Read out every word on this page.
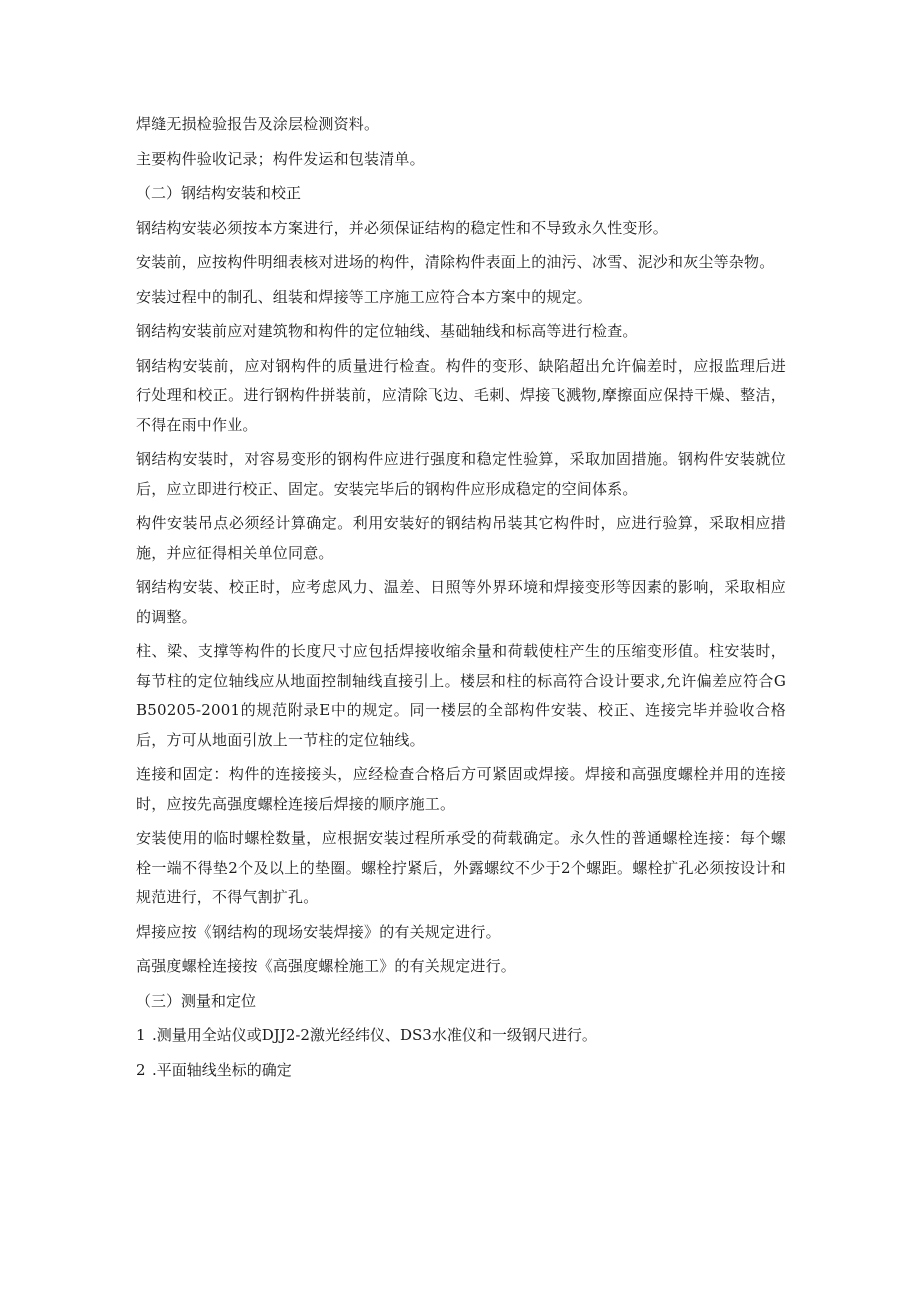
焊缝无损检验报告及涂层检测资料。

主要构件验收记录；构件发运和包装清单。

（二）钢结构安装和校正

钢结构安装必须按本方案进行，并必须保证结构的稳定性和不导致永久性变形。

安装前，应按构件明细表核对进场的构件，清除构件表面上的油污、冰雪、泥沙和灰尘等杂物。

安装过程中的制孔、组装和焊接等工序施工应符合本方案中的规定。

钢结构安装前应对建筑物和构件的定位轴线、基础轴线和标高等进行检查。

钢结构安装前，应对钢构件的质量进行检查。构件的变形、缺陷超出允许偏差时，应报监理后进行处理和校正。进行钢构件拼装前，应清除飞边、毛刺、焊接飞溅物,摩擦面应保持干燥、整洁，不得在雨中作业。

钢结构安装时，对容易变形的钢构件应进行强度和稳定性验算，采取加固措施。钢构件安装就位后，应立即进行校正、固定。安装完毕后的钢构件应形成稳定的空间体系。

构件安装吊点必须经计算确定。利用安装好的钢结构吊装其它构件时，应进行验算，采取相应措施，并应征得相关单位同意。

钢结构安装、校正时，应考虑风力、温差、日照等外界环境和焊接变形等因素的影响，采取相应的调整。

柱、梁、支撑等构件的长度尺寸应包括焊接收缩余量和荷载使柱产生的压缩变形值。柱安装时，每节柱的定位轴线应从地面控制轴线直接引上。楼层和柱的标高符合设计要求,允许偏差应符合GB50205-2001的规范附录E中的规定。同一楼层的全部构件安装、校正、连接完毕并验收合格后，方可从地面引放上一节柱的定位轴线。

连接和固定：构件的连接接头，应经检查合格后方可紧固或焊接。焊接和高强度螺栓并用的连接时，应按先高强度螺栓连接后焊接的顺序施工。

安装使用的临时螺栓数量，应根据安装过程所承受的荷载确定。永久性的普通螺栓连接：每个螺栓一端不得垫2个及以上的垫圈。螺栓拧紧后，外露螺纹不少于2个螺距。螺栓扩孔必须按设计和规范进行，不得气割扩孔。

焊接应按《钢结构的现场安装焊接》的有关规定进行。

高强度螺栓连接按《高强度螺栓施工》的有关规定进行。

（三）测量和定位

1 .测量用全站仪或DJJ2-2激光经纬仪、DS3水准仪和一级钢尺进行。

2 .平面轴线坐标的确定
